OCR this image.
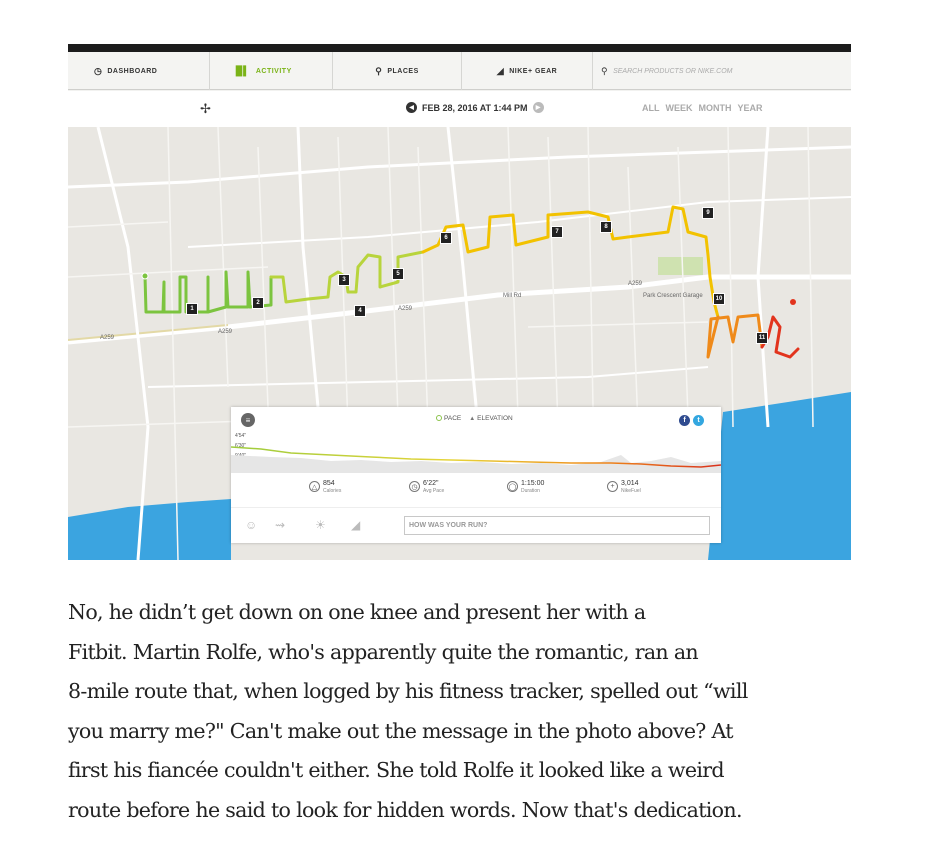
◷ DASHBOARD	▉▍ ACTIVITY	⚲ PLACES	◢ NIKE+ GEAR	⚲
SEARCH PRODUCTS OR NIKE.COM
✢	◀ FEB 28, 2016 AT 1:44 PM	▶	ALL WEEK MONTH YEAR
A259
A259
A259
A259
Mill Rd	Park Crescent Garage
1
2
3
4
5
6
7
8
9
10
11
≡	PACE ▲ ELEVATION	f	t
4'54"
6'30"
△ 854
Calories
◷ 6'22"
Avg Pace
◯ 1:15:00
Duration
+ 3,014
NikeFuel
☺ ⇝ ☀ ◢
HOW WAS YOUR RUN?

No, he didn’t get down on one knee and present her with a
Fitbit. Martin Rolfe, who's apparently quite the romantic, ran an
8-mile route that, when logged by his fitness tracker, spelled out “will
you marry me?" Can't make out the message in the photo above? At
first his fiancée couldn't either. She told Rolfe it looked like a weird
route before he said to look for hidden words. Now that's dedication.
